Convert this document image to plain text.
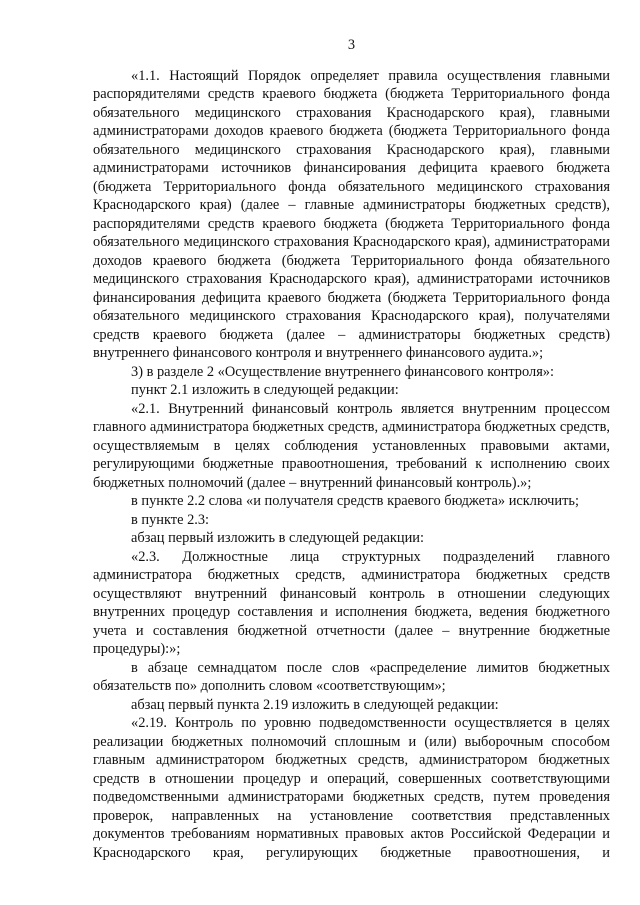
3

«1.1. Настоящий Порядок определяет правила осуществления главными распорядителями средств краевого бюджета (бюджета Территориального фонда обязательного медицинского страхования Краснодарского края), главными администраторами доходов краевого бюджета (бюджета Территориального фонда обязательного медицинского страхования Краснодарского края), главными администраторами источников финансирования дефицита краевого бюджета (бюджета Территориального фонда обязательного медицинского страхования Краснодарского края) (далее – главные администраторы бюджетных средств), распорядителями средств краевого бюджета (бюджета Территориального фонда обязательного медицинского страхования Краснодарского края), администраторами доходов краевого бюджета (бюджета Территориального фонда обязательного медицинского страхования Краснодарского края), администраторами источников финансирования дефицита краевого бюджета (бюджета Территориального фонда обязательного медицинского страхования Краснодарского края), получателями средств краевого бюджета (далее – администраторы бюджетных средств) внутреннего финансового контроля и внутреннего финансового аудита.»;

3) в разделе 2 «Осуществление внутреннего финансового контроля»:

пункт 2.1 изложить в следующей редакции:

«2.1. Внутренний финансовый контроль является внутренним процессом главного администратора бюджетных средств, администратора бюджетных средств, осуществляемым в целях соблюдения установленных правовыми актами, регулирующими бюджетные правоотношения, требований к исполнению своих бюджетных полномочий (далее – внутренний финансовый контроль).»;

в пункте 2.2 слова «и получателя средств краевого бюджета» исключить;

в пункте 2.3:

абзац первый изложить в следующей редакции:

«2.3. Должностные лица структурных подразделений главного администратора бюджетных средств, администратора бюджетных средств осуществляют внутренний финансовый контроль в отношении следующих внутренних процедур составления и исполнения бюджета, ведения бюджетного учета и составления бюджетной отчетности (далее – внутренние бюджетные процедуры):»;

в абзаце семнадцатом после слов «распределение лимитов бюджетных обязательств по» дополнить словом «соответствующим»;

абзац первый пункта 2.19 изложить в следующей редакции:

«2.19. Контроль по уровню подведомственности осуществляется в целях реализации бюджетных полномочий сплошным и (или) выборочным способом главным администратором бюджетных средств, администратором бюджетных средств в отношении процедур и операций, совершенных соответствующими подведомственными администраторами бюджетных средств, путем проведения проверок, направленных на установление соответствия представленных документов требованиям нормативных правовых актов Российской Федерации и Краснодарского края, регулирующих бюджетные правоотношения, и
